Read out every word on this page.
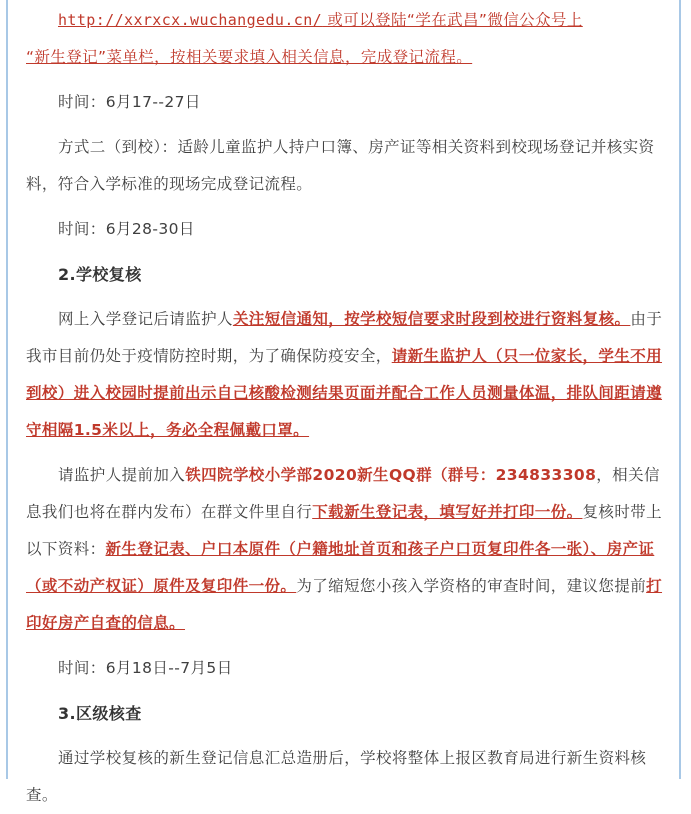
http://xxrxcx.wuchangedu.cn/ 或可以登陆“学在武昌”微信公众号上

“新生登记”菜单栏，按相关要求填入相关信息，完成登记流程。

时间：6月17--27日

方式二（到校）：适龄儿童监护人持户口簿、房产证等相关资料到校现场登记并核实资料，符合入学标准的现场完成登记流程。

时间：6月28-30日

2.学校复核

网上入学登记后请监护人关注短信通知，按学校短信要求时段到校进行资料复核。由于我市目前仍处于疫情防控时期，为了确保防疫安全，请新生监护人（只一位家长，学生不用到校）进入校园时提前出示自己核酸检测结果页面并配合工作人员测量体温，排队间距请遵守相隔1.5米以上，务必全程佩戴口罩。

请监护人提前加入铁四院学校小学部2020新生QQ群（群号：234833308，相关信息我们也将在群内发布）在群文件里自行下载新生登记表，填写好并打印一份。复核时带上以下资料：新生登记表、户口本原件（户籍地址首页和孩子户口页复印件各一张）、房产证（或不动产权证）原件及复印件一份。为了缩短您小孩入学资格的审查时间，建议您提前打印好房产自查的信息。

时间：6月18日--7月5日

3.区级核查

通过学校复核的新生登记信息汇总造册后，学校将整体上报区教育局进行新生资料核查。
